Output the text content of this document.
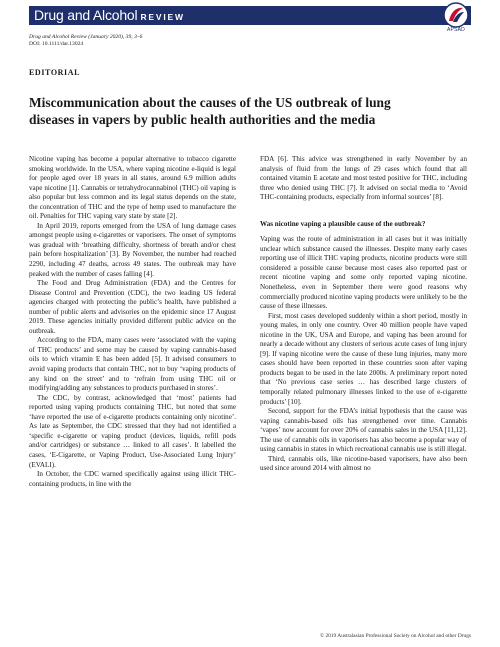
Drug and Alcohol REVIEW
APSAD
Drug and Alcohol Review (January 2020), 39, 3–6
DOI: 10.1111/dar.13024
EDITORIAL
Miscommunication about the causes of the US outbreak of lung diseases in vapers by public health authorities and the media

Nicotine vaping has become a popular alternative to tobacco cigarette smoking worldwide. In the USA, where vaping nicotine e-liquid is legal for people aged over 18 years in all states, around 6.9 million adults vape nicotine [1]. Cannabis or tetrahydrocannabinol (THC) oil vaping is also popular but less common and its legal status depends on the state, the concentration of THC and the type of hemp used to manufacture the oil. Penalties for THC vaping vary state by state [2].

In April 2019, reports emerged from the USA of lung damage cases amongst people using e-cigarettes or vaporisers. The onset of symptoms was gradual with ‘breathing difficulty, shortness of breath and/or chest pain before hospitalization’ [3]. By November, the number had reached 2290, including 47 deaths, across 49 states. The outbreak may have peaked with the number of cases falling [4].

The Food and Drug Administration (FDA) and the Centres for Disease Control and Prevention (CDC), the two leading US federal agencies charged with protecting the public’s health, have published a number of public alerts and advisories on the epidemic since 17 August 2019. These agencies initially provided different public advice on the outbreak.

According to the FDA, many cases were ‘associated with the vaping of THC products’ and some may be caused by vaping cannabis-based oils to which vitamin E has been added [5]. It advised consumers to avoid vaping products that contain THC, not to buy ‘vaping products of any kind on the street’ and to ‘refrain from using THC oil or modifying/adding any substances to products purchased in stores’.

The CDC, by contrast, acknowledged that ‘most’ patients had reported using vaping products containing THC, but noted that some ‘have reported the use of e-cigarette products containing only nicotine’. As late as September, the CDC stressed that they had not identified a ‘specific e-cigarette or vaping product (devices, liquids, refill pods and/or cartridges) or substance … linked to all cases’. It labelled the cases, ‘E-Cigarette, or Vaping Product, Use-Associated Lung Injury’ (EVALI).

In October, the CDC warned specifically against using illicit THC-containing products, in line with the

FDA [6]. This advice was strengthened in early November by an analysis of fluid from the lungs of 29 cases which found that all contained vitamin E acetate and most tested positive for THC, including three who denied using THC [7]. It advised on social media to ‘Avoid THC-containing products, especially from informal sources’ [8].

Was nicotine vaping a plausible cause of the outbreak?

Vaping was the route of administration in all cases but it was initially unclear which substance caused the illnesses. Despite many early cases reporting use of illicit THC vaping products, nicotine products were still considered a possible cause because most cases also reported past or recent nicotine vaping and some only reported vaping nicotine. Nonetheless, even in September there were good reasons why commercially produced nicotine vaping products were unlikely to be the cause of these illnesses.

First, most cases developed suddenly within a short period, mostly in young males, in only one country. Over 40 million people have vaped nicotine in the UK, USA and Europe, and vaping has been around for nearly a decade without any clusters of serious acute cases of lung injury [9]. If vaping nicotine were the cause of these lung injuries, many more cases should have been reported in these countries soon after vaping products began to be used in the late 2000s. A preliminary report noted that ‘No previous case series … has described large clusters of temporally related pulmonary illnesses linked to the use of e-cigarette products’ [10].

Second, support for the FDA’s initial hypothesis that the cause was vaping cannabis-based oils has strengthened over time. Cannabis ‘vapes’ now account for over 20% of cannabis sales in the USA [11,12]. The use of cannabis oils in vaporisers has also become a popular way of using cannabis in states in which recreational cannabis use is still illegal.

Third, cannabis oils, like nicotine-based vaporisers, have also been used since around 2014 with almost no

© 2019 Australasian Professional Society on Alcohol and other Drugs
